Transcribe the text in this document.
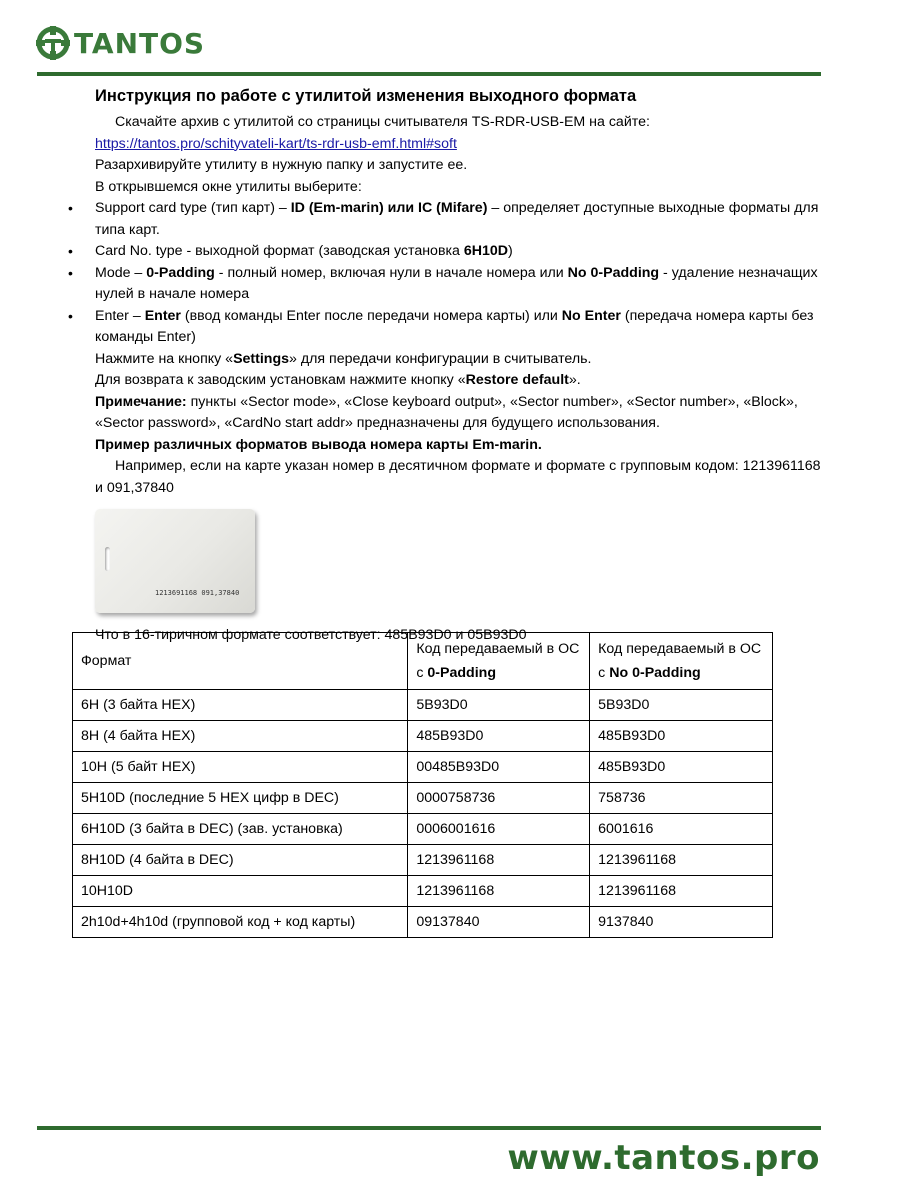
TANTOS
Инструкция по работе с утилитой изменения выходного формата

Скачайте архив с утилитой со страницы считывателя TS-RDR-USB-EM на сайте:

https://tantos.pro/schityvateli-kart/ts-rdr-usb-emf.html#soft

Разархивируйте утилиту в нужную папку и запустите ее.

В открывшемся окне утилиты выберите:

• Support card type (тип карт) – ID (Em-marin) или IC (Mifare) – определяет доступные выходные форматы для типа карт.
• Card No. type - выходной формат (заводская установка 6H10D)
• Mode – 0-Padding - полный номер, включая нули в начале номера или No 0-Padding - удаление незначащих нулей в начале номера
• Enter – Enter (ввод команды Enter после передачи номера карты) или No Enter (передача номера карты без команды Enter)

Нажмите на кнопку «Settings» для передачи конфигурации в считыватель.

Для возврата к заводским установкам нажмите кнопку «Restore default».

Примечание: пункты «Sector mode», «Close keyboard output», «Sector number», «Sector number», «Block», «Sector password», «CardNo start addr» предназначены для будущего использования.

Пример различных форматов вывода номера карты Em-marin.

Например, если на карте указан номер в десятичном формате и формате с групповым кодом: 1213961168 и 091,37840

1213691168 091,37840

Что в 16-тиричном формате соответствует: 485B93D0 и 05B93D0

Формат	Код передаваемый в ОС с 0-Padding	Код передаваемый в ОС с No 0-Padding
6H (3 байта HEX)	5B93D0	5B93D0
8H (4 байта HEX)	485B93D0	485B93D0
10H (5 байт HEX)	00485B93D0	485B93D0
5H10D (последние 5 HEX цифр в DEC)	0000758736	758736
6H10D (3 байта в DEC) (зав. установка)	0006001616	6001616
8H10D (4 байта в DEC)	1213961168	1213961168
10H10D	1213961168	1213961168
2h10d+4h10d (групповой код + код карты)	09137840	9137840
www.tantos.pro
